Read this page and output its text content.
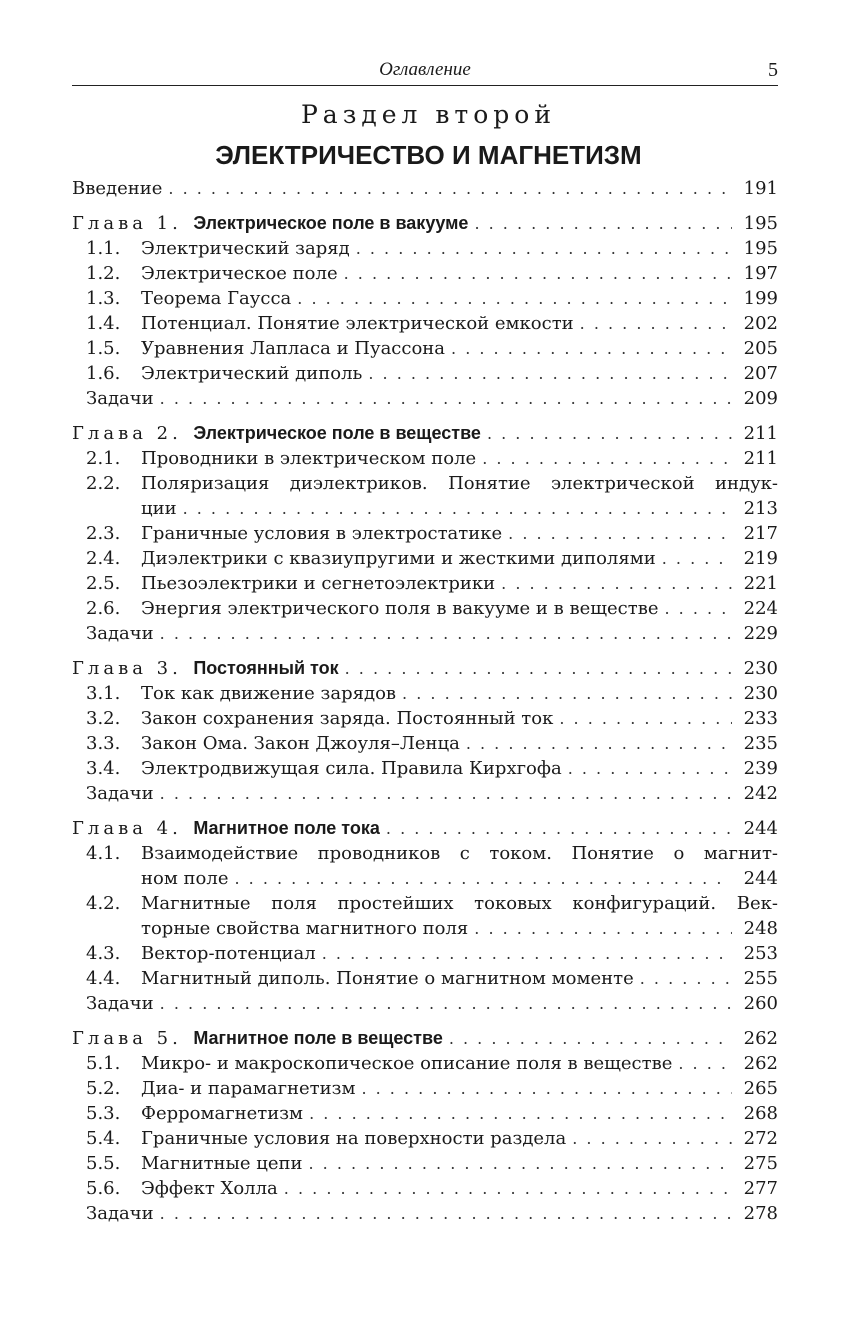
Оглавление	5
Раздел второй
ЭЛЕКТРИЧЕСТВО И МАГНЕТИЗМ
Введение . . .	191
Глава 1. Электрическое поле в вакууме . . .	195
1.1.	Электрический заряд . . .	195
1.2.	Электрическое поле . . .	197
1.3.	Теорема Гаусса . . .	199
1.4.	Потенциал. Понятие электрической емкости . . .	202
1.5.	Уравнения Лапласа и Пуассона . . .	205
1.6.	Электрический диполь . . .	207
Задачи . . .	209
Глава 2. Электрическое поле в веществе . . .	211
2.1.	Проводники в электрическом поле . . .	211
2.2.	Поляризация диэлектриков. Понятие электрической индук-
ции . . .	213
2.3.	Граничные условия в электростатике . . .	217
2.4.	Диэлектрики с квазиупругими и жесткими диполями . . .	219
2.5.	Пьезоэлектрики и сегнетоэлектрики . . .	221
2.6.	Энергия электрического поля в вакууме и в веществе . . .	224
Задачи . . .	229
Глава 3. Постоянный ток . . .	230
3.1.	Ток как движение зарядов . . .	230
3.2.	Закон сохранения заряда. Постоянный ток . . .	233
3.3.	Закон Ома. Закон Джоуля–Ленца . . .	235
3.4.	Электродвижущая сила. Правила Кирхгофа . . .	239
Задачи . . .	242
Глава 4. Магнитное поле тока . . .	244
4.1.	Взаимодействие проводников с током. Понятие о магнит-
ном поле . . .	244
4.2.	Магнитные поля простейших токовых конфигураций. Век-
торные свойства магнитного поля . . .	248
4.3.	Вектор-потенциал . . .	253
4.4.	Магнитный диполь. Понятие о магнитном моменте . . .	255
Задачи . . .	260
Глава 5. Магнитное поле в веществе . . .	262
5.1.	Микро- и макроскопическое описание поля в веществе . . .	262
5.2.	Диа- и парамагнетизм . . .	265
5.3.	Ферромагнетизм . . .	268
5.4.	Граничные условия на поверхности раздела . . .	272
5.5.	Магнитные цепи . . .	275
5.6.	Эффект Холла . . .	277
Задачи . . .	278
